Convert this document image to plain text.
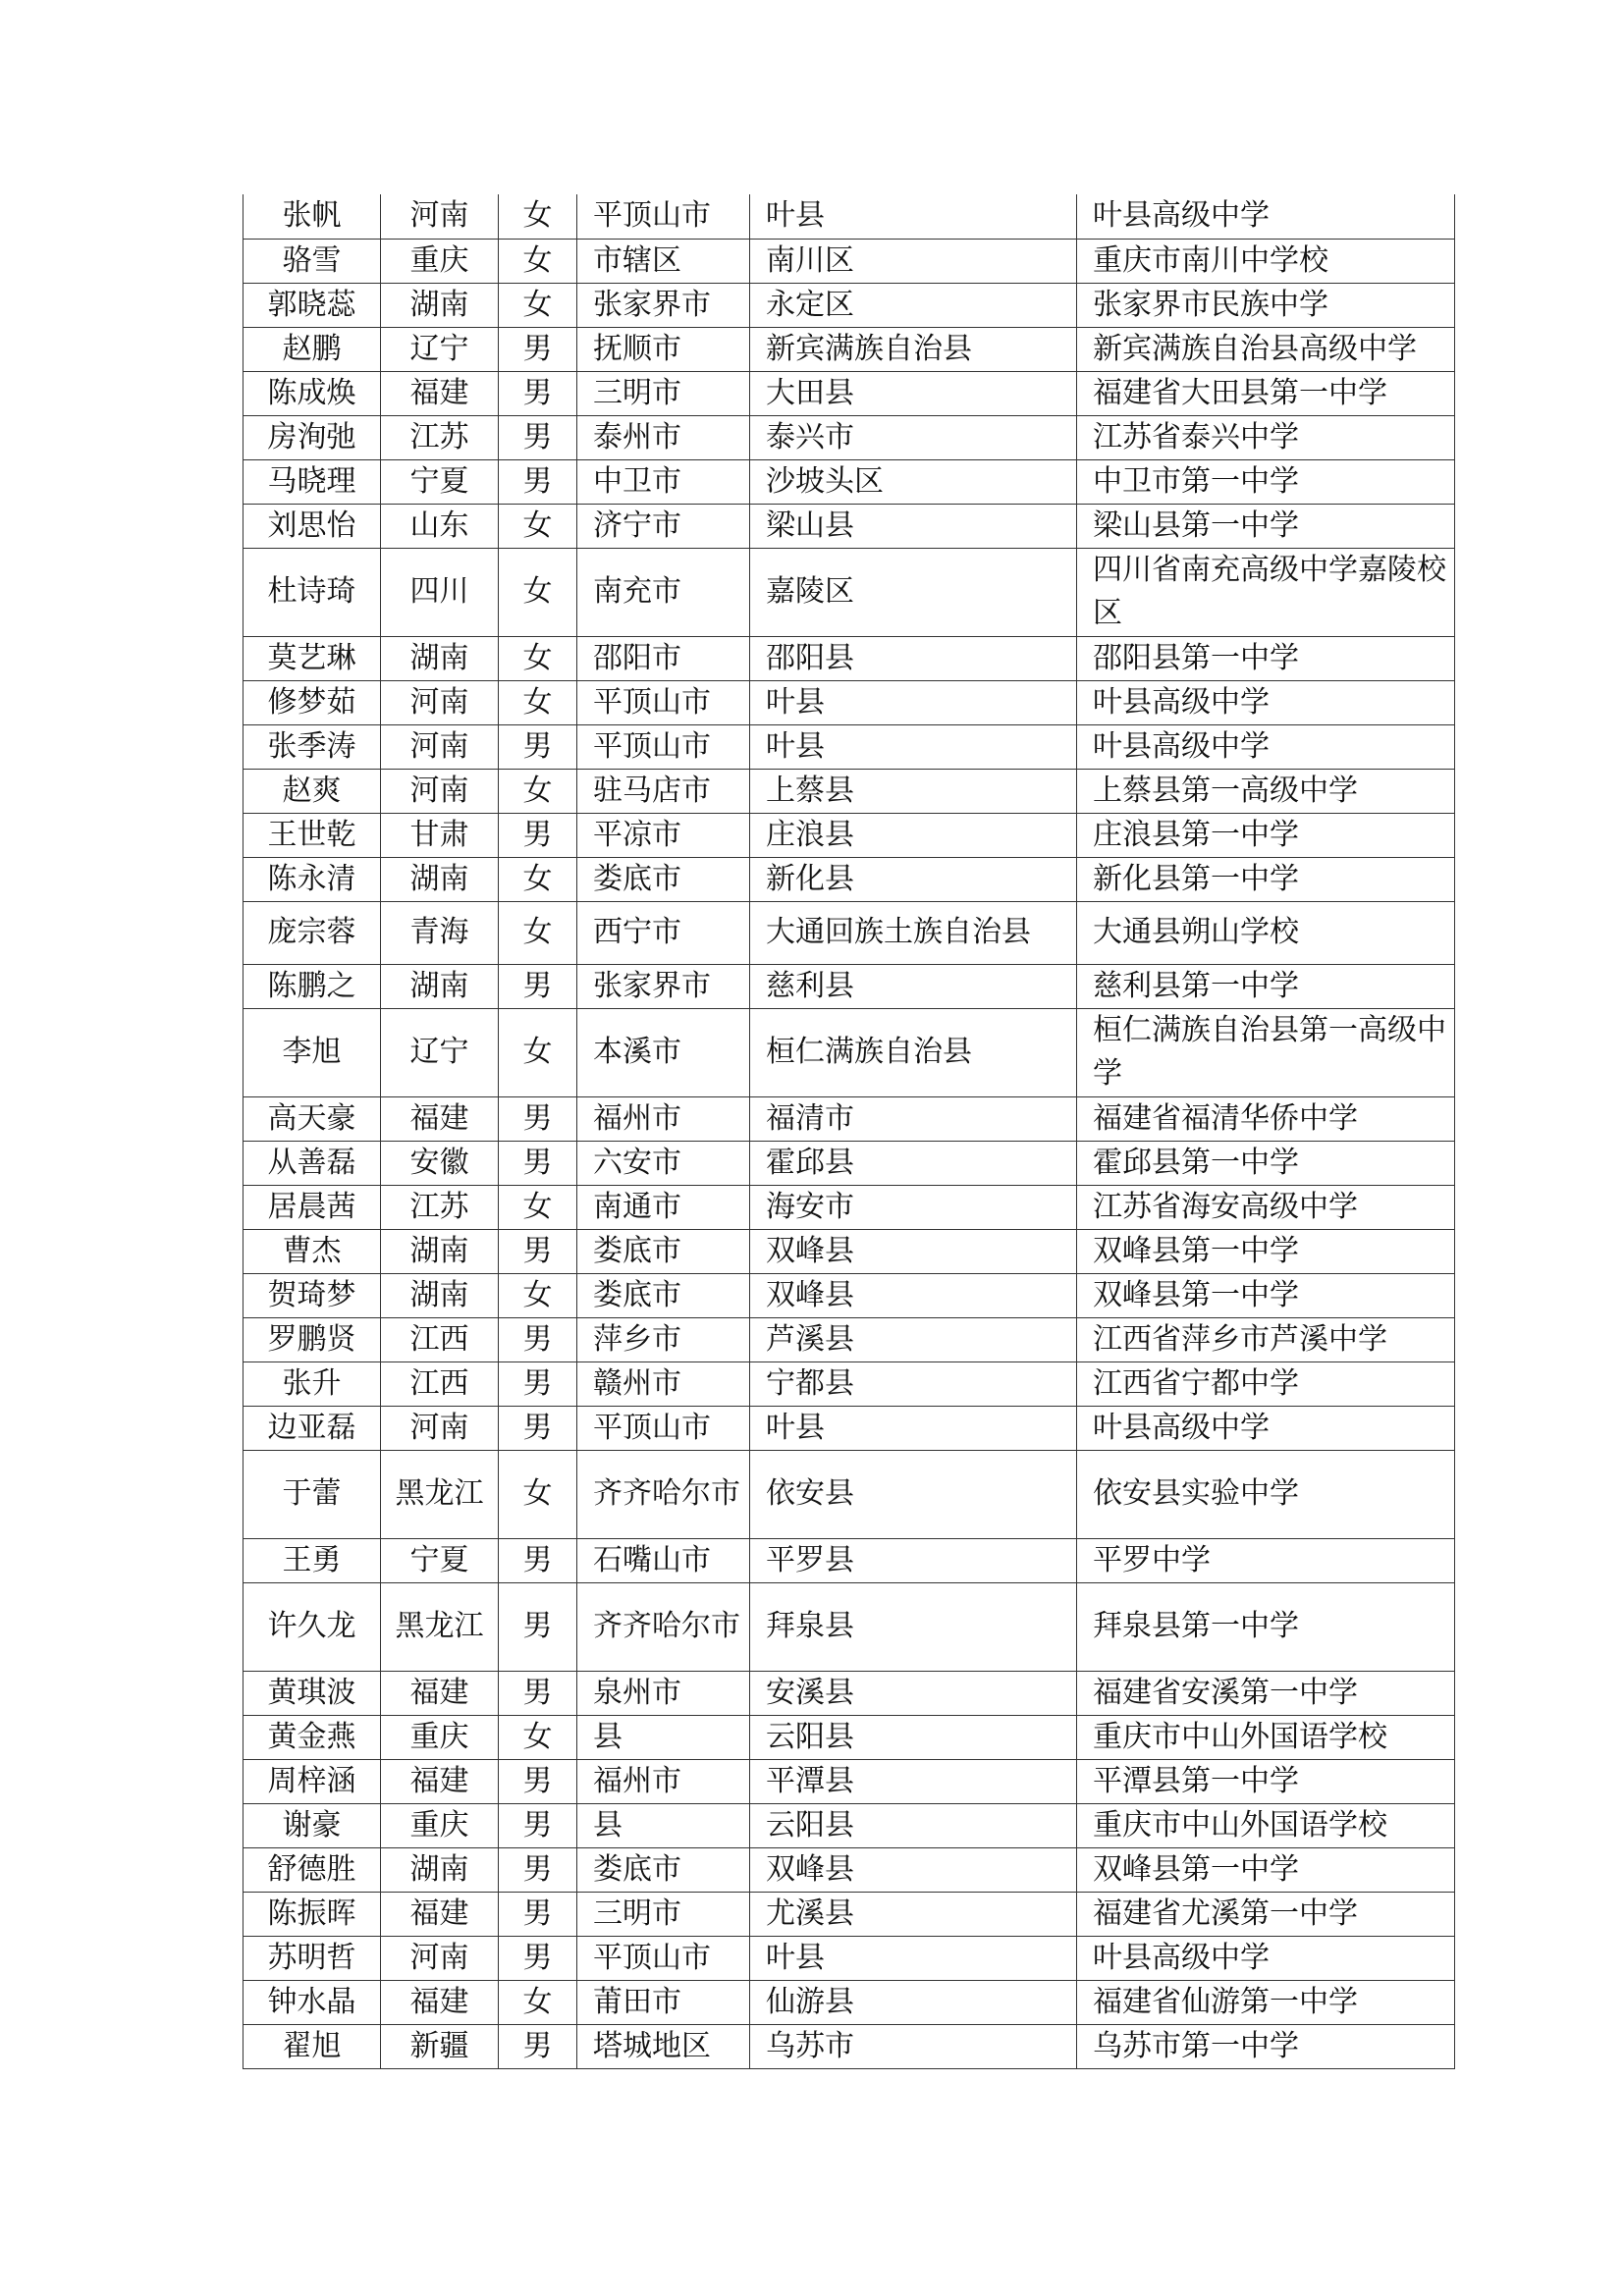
张帆	河南	女	平顶山市	叶县	叶县高级中学
骆雪	重庆	女	市辖区	南川区	重庆市南川中学校
郭晓蕊	湖南	女	张家界市	永定区	张家界市民族中学
赵鹏	辽宁	男	抚顺市	新宾满族自治县	新宾满族自治县高级中学
陈成焕	福建	男	三明市	大田县	福建省大田县第一中学
房洵弛	江苏	男	泰州市	泰兴市	江苏省泰兴中学
马晓理	宁夏	男	中卫市	沙坡头区	中卫市第一中学
刘思怡	山东	女	济宁市	梁山县	梁山县第一中学
杜诗琦	四川	女	南充市	嘉陵区	四川省南充高级中学嘉陵校区
莫艺琳	湖南	女	邵阳市	邵阳县	邵阳县第一中学
修梦茹	河南	女	平顶山市	叶县	叶县高级中学
张季涛	河南	男	平顶山市	叶县	叶县高级中学
赵爽	河南	女	驻马店市	上蔡县	上蔡县第一高级中学
王世乾	甘肃	男	平凉市	庄浪县	庄浪县第一中学
陈永清	湖南	女	娄底市	新化县	新化县第一中学
庞宗蓉	青海	女	西宁市	大通回族土族自治县	大通县朔山学校
陈鹏之	湖南	男	张家界市	慈利县	慈利县第一中学
李旭	辽宁	女	本溪市	桓仁满族自治县	桓仁满族自治县第一高级中学
高天豪	福建	男	福州市	福清市	福建省福清华侨中学
从善磊	安徽	男	六安市	霍邱县	霍邱县第一中学
居晨茜	江苏	女	南通市	海安市	江苏省海安高级中学
曹杰	湖南	男	娄底市	双峰县	双峰县第一中学
贺琦梦	湖南	女	娄底市	双峰县	双峰县第一中学
罗鹏贤	江西	男	萍乡市	芦溪县	江西省萍乡市芦溪中学
张升	江西	男	赣州市	宁都县	江西省宁都中学
边亚磊	河南	男	平顶山市	叶县	叶县高级中学
于蕾	黑龙江	女	齐齐哈尔市	依安县	依安县实验中学
王勇	宁夏	男	石嘴山市	平罗县	平罗中学
许久龙	黑龙江	男	齐齐哈尔市	拜泉县	拜泉县第一中学
黄琪波	福建	男	泉州市	安溪县	福建省安溪第一中学
黄金燕	重庆	女	县	云阳县	重庆市中山外国语学校
周梓涵	福建	男	福州市	平潭县	平潭县第一中学
谢豪	重庆	男	县	云阳县	重庆市中山外国语学校
舒德胜	湖南	男	娄底市	双峰县	双峰县第一中学
陈振晖	福建	男	三明市	尤溪县	福建省尤溪第一中学
苏明哲	河南	男	平顶山市	叶县	叶县高级中学
钟水晶	福建	女	莆田市	仙游县	福建省仙游第一中学
翟旭	新疆	男	塔城地区	乌苏市	乌苏市第一中学
